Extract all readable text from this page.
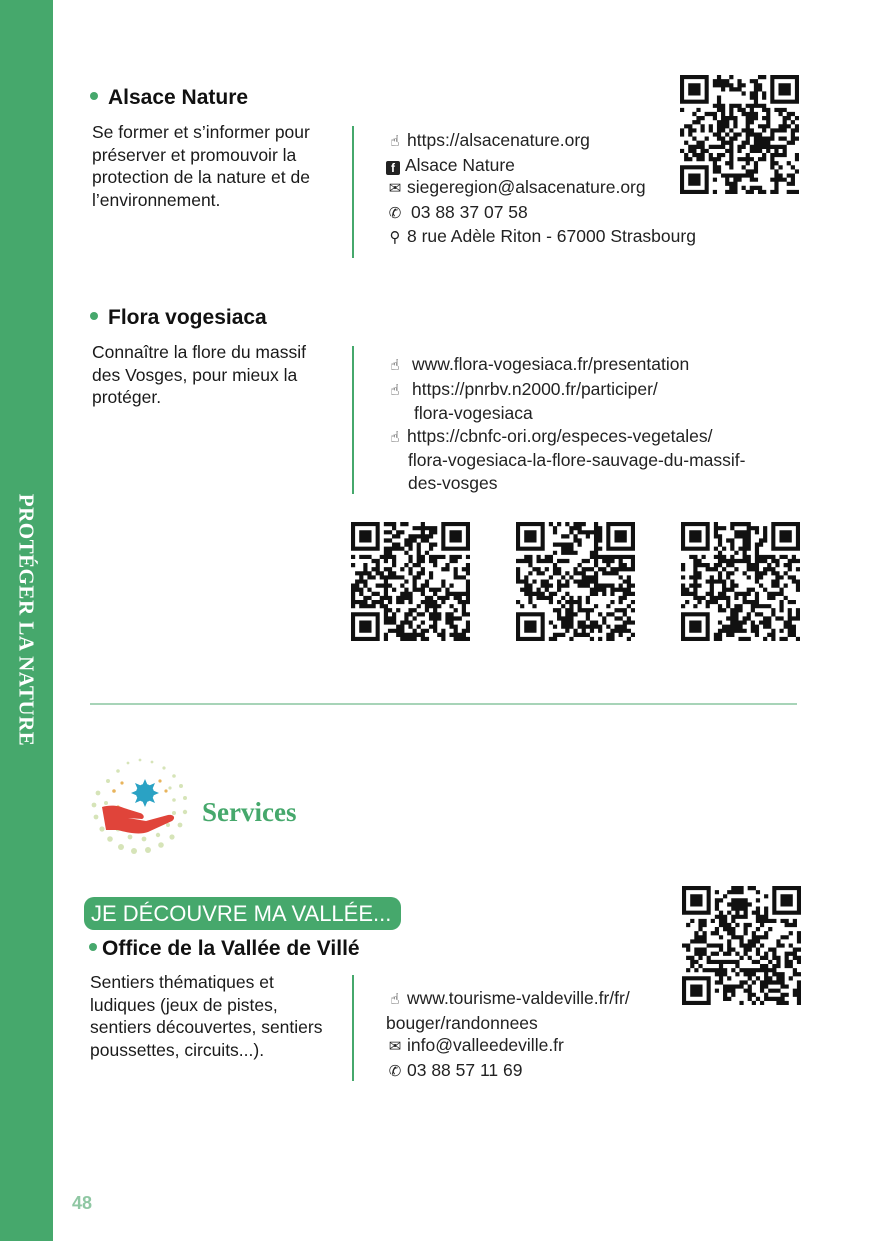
PROTÉGER LA NATURE
Alsace Nature
Se former et s’informer pour préserver et promouvoir la protection de la nature et de l’environnement.
☝ https://alsacenature.org
f Alsace Nature
✉ siegeregion@alsacenature.org
✆ 03 88 37 07 58
⚲ 8 rue Adèle Riton - 67000 Strasbourg
Flora vogesiaca
Connaître la flore du massif des Vosges, pour mieux la protéger.
☝ www.flora-vogesiaca.fr/presentation
☝ https://pnrbv.n2000.fr/participer/
flora-vogesiaca
☝ https://cbnfc-ori.org/especes-vegetales/
flora-vogesiaca-la-flore-sauvage-du-massif-
des-vosges
Services
JE DÉCOUVRE MA VALLÉE...
Office de la Vallée de Villé
Sentiers thématiques et ludiques (jeux de pistes, sentiers découvertes, sentiers poussettes, circuits...).
☝ www.tourisme-valdeville.fr/fr/
bouger/randonnees
✉ info@valleedeville.fr
✆ 03 88 57 11 69
48
